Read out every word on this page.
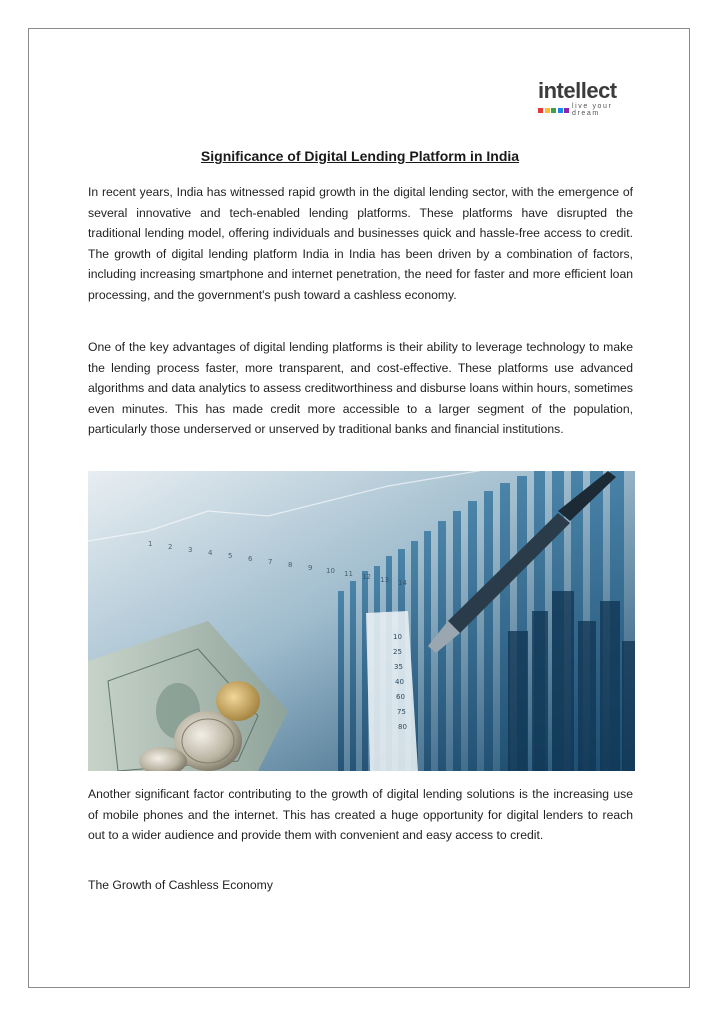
intellect
live your dream
Significance of Digital Lending Platform in India

In recent years, India has witnessed rapid growth in the digital lending sector, with the emergence of several innovative and tech-enabled lending platforms. These platforms have disrupted the traditional lending model, offering individuals and businesses quick and hassle-free access to credit. The growth of digital lending platform India in India has been driven by a combination of factors, including increasing smartphone and internet penetration, the need for faster and more efficient loan processing, and the government's push toward a cashless economy.

One of the key advantages of digital lending platforms is their ability to leverage technology to make the lending process faster, more transparent, and cost-effective. These platforms use advanced algorithms and data analytics to assess creditworthiness and disburse loans within hours, sometimes even minutes. This has made credit more accessible to a larger segment of the population, particularly those underserved or unserved by traditional banks and financial institutions.

1 2 3 4 5 6 7 8 9 10 11 12 13 14
10
25
35
40
60
75
80

Another significant factor contributing to the growth of digital lending solutions is the increasing use of mobile phones and the internet. This has created a huge opportunity for digital lenders to reach out to a wider audience and provide them with convenient and easy access to credit.

The Growth of Cashless Economy
